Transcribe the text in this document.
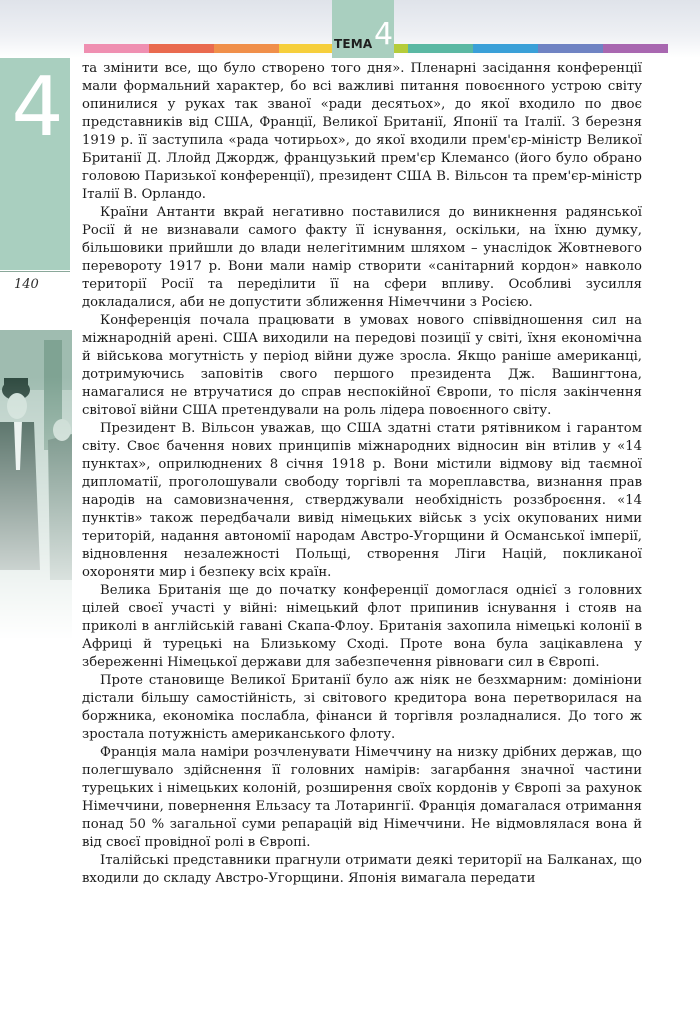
ТЕМА 4
4
140

та змінити все, що було створено того дня». Пленарні засідання конференції мали формальний характер, бо всі важливі питання повоєнного устрою світу опинилися у руках так званої «ради десятьох», до якої входило по двоє представників від США, Франції, Великої Британії, Японії та Італії. З березня 1919 р. її заступила «рада чотирьох», до якої входили прем'єр-міністр Великої Британії Д. Ллойд Джордж, французький прем'єр Клемансо (його було обрано головою Паризької конференції), президент США В. Вільсон та прем'єр-міністр Італії В. Орландо.

Країни Антанти вкрай негативно поставилися до виникнення радянської Росії й не визнавали самого факту її існування, оскільки, на їхню думку, більшовики прийшли до влади нелегітимним шляхом – унаслідок Жовтневого перевороту 1917 р. Вони мали намір створити «санітарний кордон» навколо території Росії та переділити її на сфери впливу. Особливі зусилля докладалися, аби не допустити зближення Німеччини з Росією.

Конференція почала працювати в умовах нового співвідношення сил на міжнародній арені. США виходили на передові позиції у світі, їхня економічна й військова могутність у період війни дуже зросла. Якщо раніше американці, дотримуючись заповітів свого першого президента Дж. Вашингтона, намагалися не втручатися до справ неспокійної Європи, то після закінчення світової війни США претендували на роль лідера повоєнного світу.

Президент В. Вільсон уважав, що США здатні стати рятівником і гарантом світу. Своє бачення нових принципів міжнародних відносин він втілив у «14 пунктах», оприлюднених 8 січня 1918 р. Вони містили відмову від таємної дипломатії, проголошували свободу торгівлі та мореплавства, визнання прав народів на самовизначення, стверджували необхідність роззброєння. «14 пунктів» також передбачали вивід німецьких військ з усіх окупованих ними територій, надання автономії народам Австро-Угорщини й Османської імперії, відновлення незалежності Польщі, створення Ліги Націй, покликаної охороняти мир і безпеку всіх країн.

Велика Британія ще до початку конференції домоглася однієї з головних цілей своєї участі у війні: німецький флот припинив існування і стояв на приколі в англійській гавані Скапа-Флоу. Британія захопила німецькі колонії в Африці й турецькі на Близькому Сході. Проте вона була зацікавлена у збереженні Німецької держави для забезпечення рівноваги сил в Європі.

Проте становище Великої Британії було аж ніяк не безхмарним: домініони дістали більшу самостійність, зі світового кредитора вона перетворилася на боржника, економіка послабла, фінанси й торгівля розладналися. До того ж зростала потужність американського флоту.

Франція мала наміри розчленувати Німеччину на низку дрібних держав, що полегшувало здійснення її головних намірів: загарбання значної частини турецьких і німецьких колоній, розширення своїх кордонів у Європі за рахунок Німеччини, повернення Ельзасу та Лотарингії. Франція домагалася отримання понад 50 % загальної суми репарацій від Німеччини. Не відмовлялася вона й від своєї провідної ролі в Європі.

Італійські представники прагнули отримати деякі території на Балканах, що входили до складу Австро-Угорщини. Японія вимагала передати
